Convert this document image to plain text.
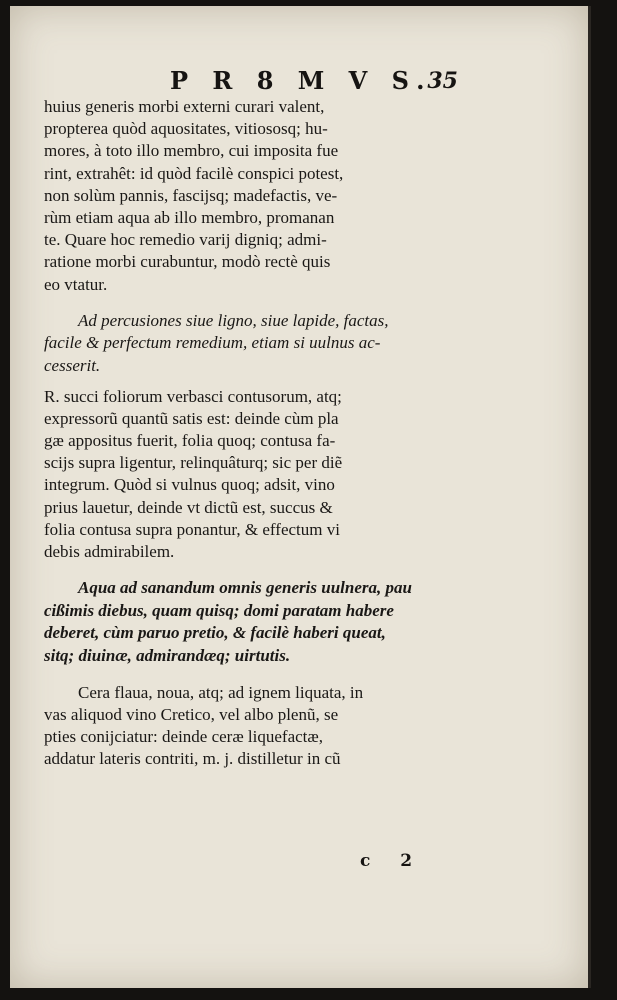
P R 8 M V S.
35

huius generis morbi externi curari valent,
propterea quòd aquositates, vitiososq; hu-
mores, à toto illo membro, cui imposita fue
rint, extrahêt: id quòd facilè conspici potest,
non solùm pannis, fascijsq; madefactis, ve-
rùm etiam aqua ab illo membro, promanan
te. Quare hoc remedio varij digniq; admi-
ratione morbi curabuntur, modò rectè quis
eo vtatur.

Ad percusiones siue ligno, siue lapide, factas,
facile & perfectum remedium, etiam si uulnus ac-
cesserit.

R. succi foliorum verbasci contusorum, atq;
expressorũ quantũ satis est: deinde cùm pla
gæ appositus fuerit, folia quoq; contusa fa-
scijs supra ligentur, relinquâturq; sic per diẽ
integrum. Quòd si vulnus quoq; adsit, vino
prius lauetur, deinde vt dictũ est, succus &
folia contusa supra ponantur, & effectum vi
debis admirabilem.

Aqua ad sanandum omnis generis uulnera, pau
cißimis diebus, quam quisq; domi paratam habere
deberet, cùm paruo pretio, & facilè haberi queat,
sitq; diuinæ, admirandæq; uirtutis.

Cera flaua, noua, atq; ad ignem liquata, in
vas aliquod vino Cretico, vel albo plenũ, se
pties conijciatur: deinde ceræ liquefactæ,
addatur lateris contriti, m. j. distilletur in cũ

c 2
